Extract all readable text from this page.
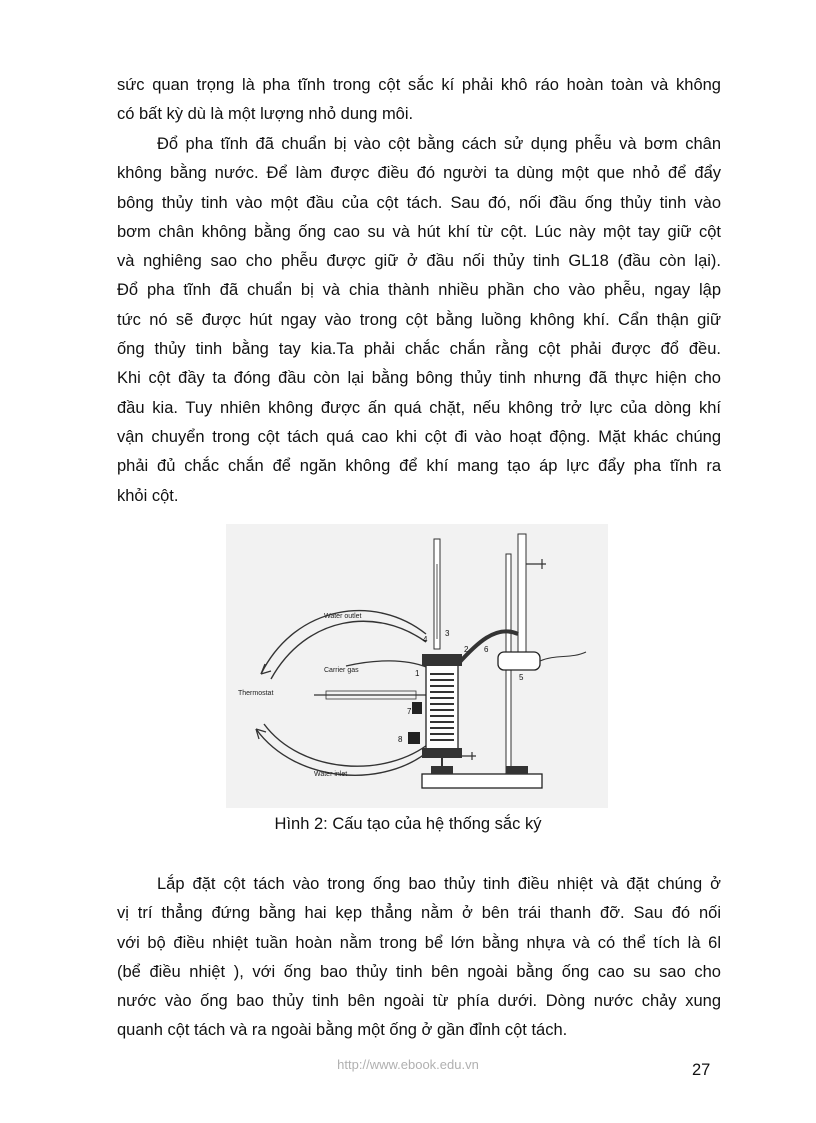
sức quan trọng là pha tĩnh trong cột sắc kí phải khô ráo hoàn toàn và không
có bất kỳ dù là một lượng nhỏ dung môi.
Đổ pha tĩnh đã chuẩn bị vào cột bằng cách sử dụng phễu và bơm chân
không bằng nước. Để làm được điều đó người ta dùng một que nhỏ để đẩy
bông thủy tinh vào một đầu của cột tách. Sau đó, nối đầu ống thủy tinh vào
bơm chân không bằng ống cao su và hút khí từ cột. Lúc này một tay giữ cột
và nghiêng sao cho phễu được giữ ở đầu nối thủy tinh GL18 (đầu còn lại).
Đổ pha tĩnh đã chuẩn bị và chia thành nhiều phần cho vào phễu, ngay lập
tức nó sẽ được hút ngay vào trong cột bằng luồng không khí. Cẩn thận giữ
ống thủy tinh bằng tay kia.Ta phải chắc chắn rằng cột phải được đổ đều.
Khi cột đầy ta đóng đầu còn lại bằng bông thủy tinh nhưng đã thực hiện cho
đầu kia. Tuy nhiên không được ấn quá chặt, nếu không trở lực của dòng khí
vận chuyển trong cột tách quá cao khi cột đi vào hoạt động. Mặt khác chúng
phải đủ chắc chắn để ngăn không để khí mang tạo áp lực đẩy pha tĩnh ra
khỏi cột.
Water outlet
Carrier gas
Thermostat
Water inlet
1
2
3
4
5
6
7
8
Hình 2: Cấu tạo của hệ thống sắc ký
Lắp đặt cột tách vào trong ống bao thủy tinh điều nhiệt và đặt chúng ở
vị trí thẳng đứng bằng hai kẹp thẳng nằm ở bên trái thanh đỡ. Sau đó nối
với bộ điều nhiệt tuần hoàn nằm trong bể lớn bằng nhựa và có thể tích là 6l
(bể điều nhiệt ), với ống bao thủy tinh bên ngoài bằng ống cao su sao cho
nước vào ống bao thủy tinh bên ngoài từ phía dưới. Dòng nước chảy xung
quanh cột tách và ra ngoài bằng một ống ở gần đỉnh cột tách.
http://www.ebook.edu.vn	27
